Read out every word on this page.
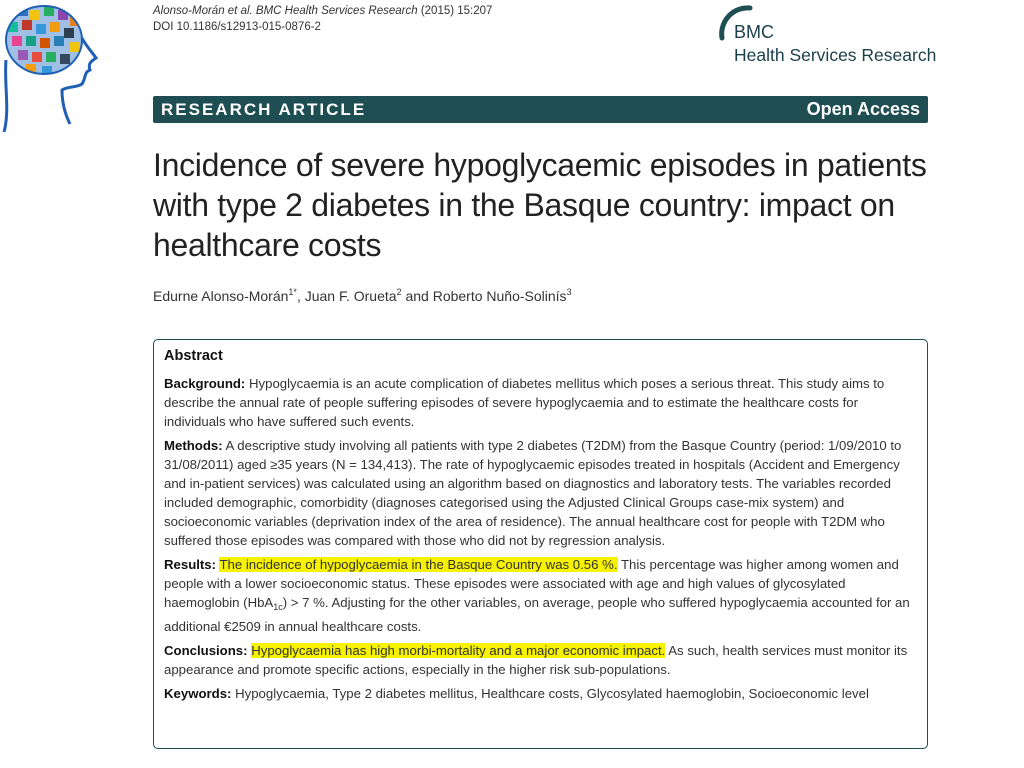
Alonso-Morán et al. BMC Health Services Research (2015) 15:207
DOI 10.1186/s12913-015-0876-2	BMC
Health Services Research
RESEARCH ARTICLE	Open Access
Incidence of severe hypoglycaemic episodes in patients with type 2 diabetes in the Basque country: impact on healthcare costs
Edurne Alonso-Morán$^{1*}$, Juan F. Orueta$^2$ and Roberto Nuño-Solinís$^3$
Abstract

Background: Hypoglycaemia is an acute complication of diabetes mellitus which poses a serious threat. This study aims to describe the annual rate of people suffering episodes of severe hypoglycaemia and to estimate the healthcare costs for individuals who have suffered such events.

Methods: A descriptive study involving all patients with type 2 diabetes (T2DM) from the Basque Country (period: 1/09/2010 to 31/08/2011) aged ≥35 years (N = 134,413). The rate of hypoglycaemic episodes treated in hospitals (Accident and Emergency and in-patient services) was calculated using an algorithm based on diagnostics and laboratory tests. The variables recorded included demographic, comorbidity (diagnoses categorised using the Adjusted Clinical Groups case-mix system) and socioeconomic variables (deprivation index of the area of residence). The annual healthcare cost for people with T2DM who suffered those episodes was compared with those who did not by regression analysis.

Results: The incidence of hypoglycaemia in the Basque Country was 0.56 %. This percentage was higher among women and people with a lower socioeconomic status. These episodes were associated with age and high values of glycosylated haemoglobin (HbA$_{1c}$) > 7 %. Adjusting for the other variables, on average, people who suffered hypoglycaemia accounted for an additional €2509 in annual healthcare costs.

Conclusions: Hypoglycaemia has high morbi-mortality and a major economic impact. As such, health services must monitor its appearance and promote specific actions, especially in the higher risk sub-populations.

Keywords: Hypoglycaemia, Type 2 diabetes mellitus, Healthcare costs, Glycosylated haemoglobin, Socioeconomic level
